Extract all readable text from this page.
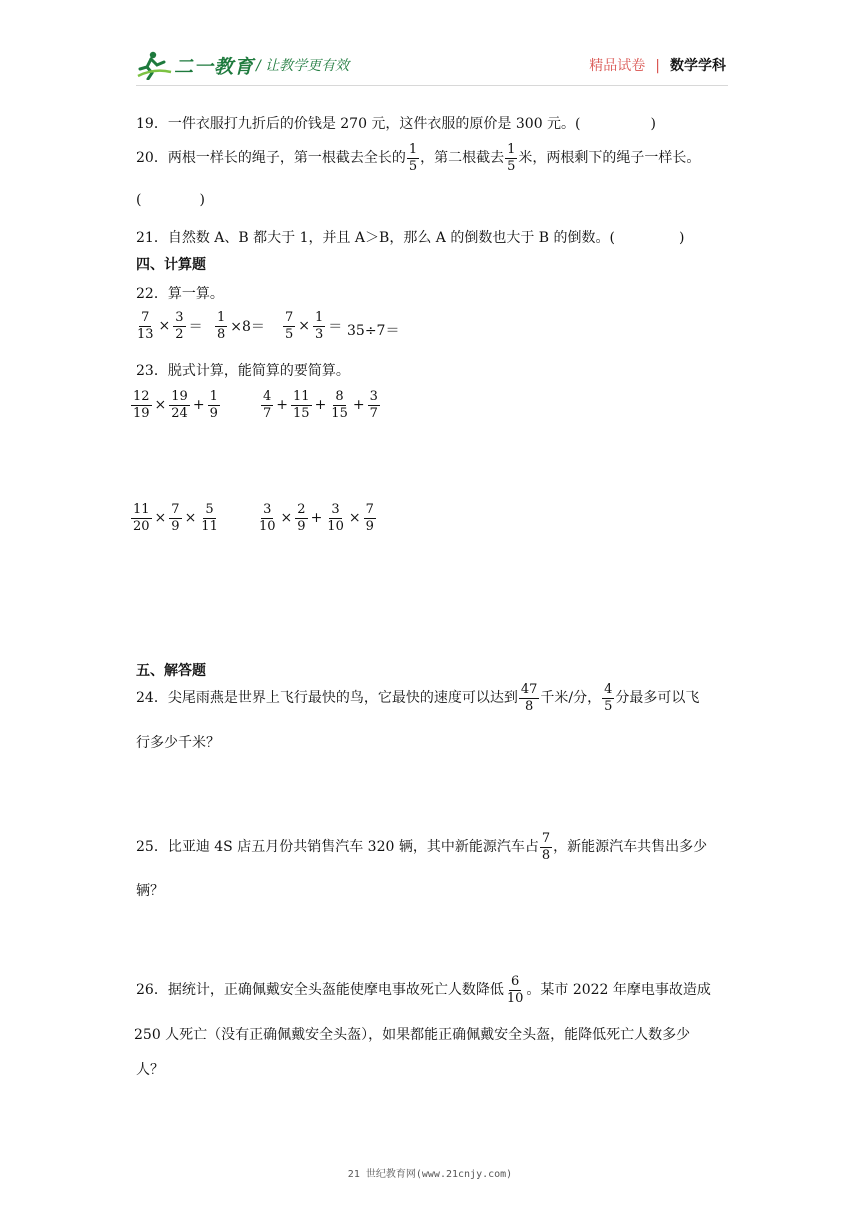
二一教育 / 让教学更有效	精品试卷 | 数学学科
19．一件衣服打九折后的价钱是 270 元，这件衣服的原价是 300 元。(	)
20．两根一样长的绳子，第一根截去全长的 $\frac{1}{5}$ ，第二根截去 $\frac{1}{5}$ 米，两根剩下的绳子一样长。
(	)
21．自然数 A、B 都大于 1，并且 A＞B，那么 A 的倒数也大于 B 的倒数。(	)
四、计算题
22．算一算。
$\frac{7}{13} \times \frac{3}{2} = \frac{1}{8} \times 8= \frac{7}{5} \times \frac{1}{3} = 35\div 7=$
23．脱式计算，能简算的要简算。
$\frac{12}{19} \times \frac{19}{24} + \frac{1}{9}$	$\frac{4}{7} + \frac{11}{15} + \frac{8}{15} + \frac{3}{7}$
$\frac{11}{20} \times \frac{7}{9} \times \frac{5}{11}$	$\frac{3}{10} \times \frac{2}{9} + \frac{3}{10} \times \frac{7}{9}$
五、解答题
24．尖尾雨燕是世界上飞行最快的鸟，它最快的速度可以达到 $\frac{47}{8}$ 千米/分， $\frac{4}{5}$ 分最多可以飞
行多少千米？
25．比亚迪 4S 店五月份共销售汽车 320 辆，其中新能源汽车占 $\frac{7}{8}$ ，新能源汽车共售出多少
辆？
26．据统计，正确佩戴安全头盔能使摩电事故死亡人数降低 $\frac{6}{10}$ 。某市 2022 年摩电事故造成
250 人死亡（没有正确佩戴安全头盔），如果都能正确佩戴安全头盔，能降低死亡人数多少
人？
21 世纪教育网(www.21cnjy.com)
